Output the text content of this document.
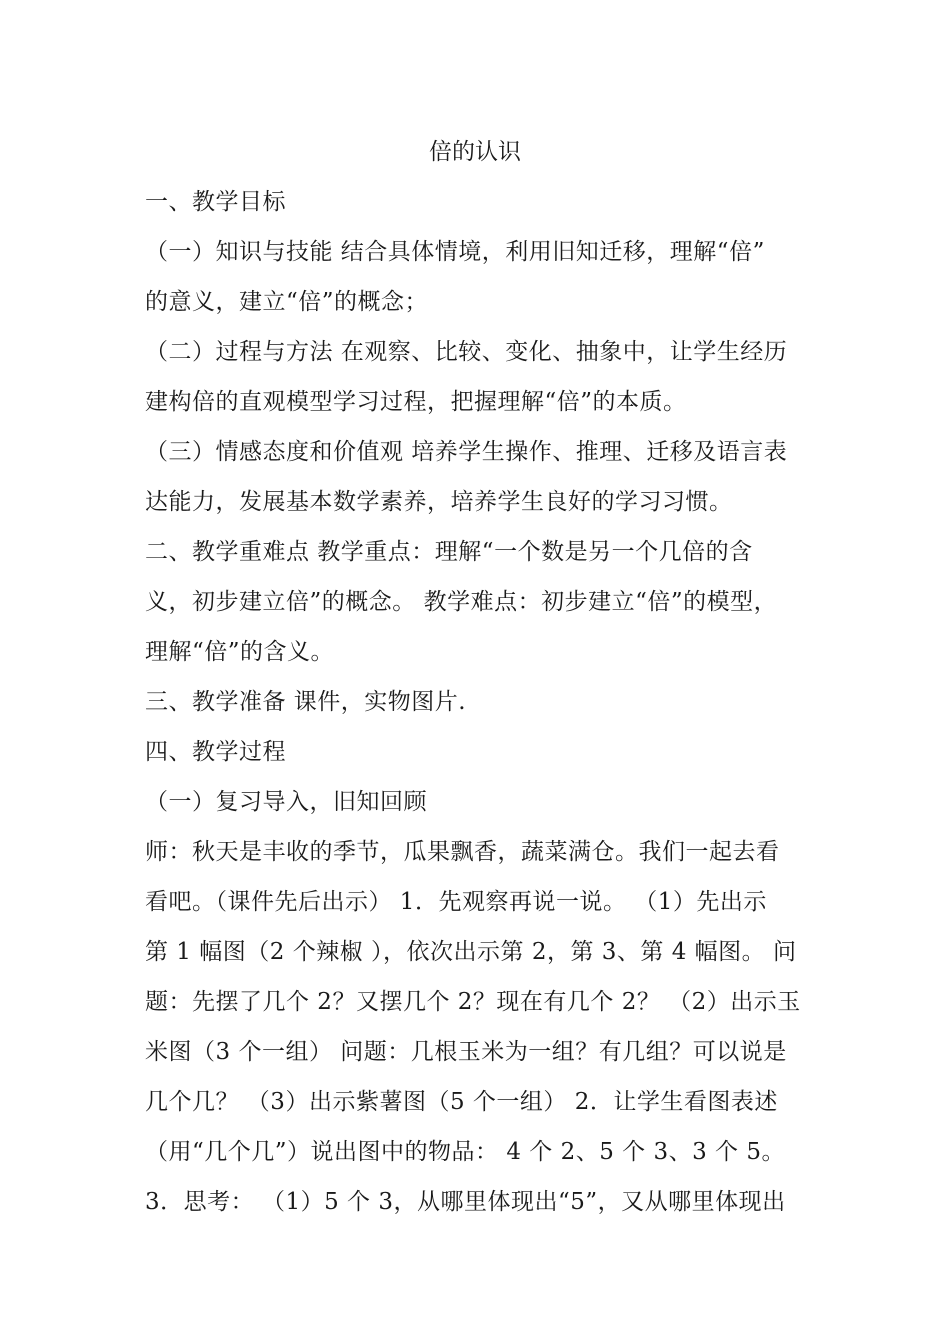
倍的认识
一、教学目标
（一）知识与技能 结合具体情境，利用旧知迁移，理解“倍”
的意义，建立“倍”的概念；
（二）过程与方法 在观察、比较、变化、抽象中，让学生经历
建构倍的直观模型学习过程，把握理解“倍”的本质。
（三）情感态度和价值观 培养学生操作、推理、迁移及语言表
达能力，发展基本数学素养，培养学生良好的学习习惯。
二、教学重难点 教学重点：理解“一个数是另一个几倍的含
义，初步建立倍”的概念。 教学难点：初步建立“倍”的模型，
理解“倍”的含义。
三、教学准备 课件，实物图片.
四、教学过程
（一）复习导入，旧知回顾
师：秋天是丰收的季节，瓜果飘香，蔬菜满仓。我们一起去看
看吧。（课件先后出示） 1．先观察再说一说。 （1）先出示
第 1 幅图（2 个辣椒 ），依次出示第 2，第 3、第 4 幅图。 问
题：先摆了几个 2？又摆几个 2？现在有几个 2？ （2）出示玉
米图（3 个一组） 问题：几根玉米为一组？有几组？可以说是
几个几？ （3）出示紫薯图（5 个一组） 2．让学生看图表述
（用“几个几”）说出图中的物品： 4 个 2、5 个 3、3 个 5。
3．思考： （1）5 个 3，从哪里体现出“5”，又从哪里体现出
